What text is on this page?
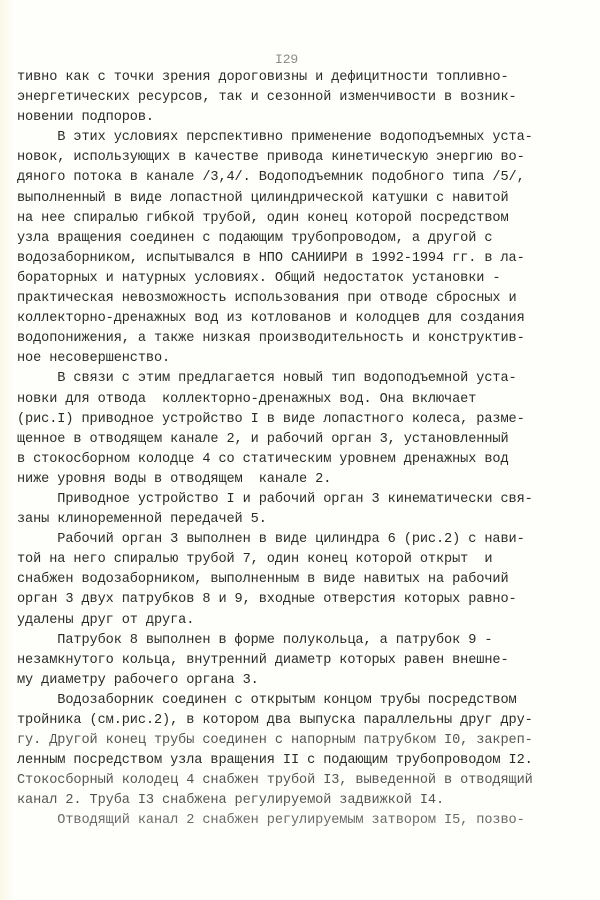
I29
тивно как с точки зрения дороговизны и дефицитности топливно-
энергетических ресурсов, так и сезонной изменчивости в возник-
новении подпоров.
В этих условиях перспективно применение водоподъемных уста-
новок, использующих в качестве привода кинетическую энергию во-
дяного потока в канале /3,4/. Водоподъемник подобного типа /5/,
выполненный в виде лопастной цилиндрической катушки с навитой
на нее спиралью гибкой трубой, один конец которой посредством
узла вращения соединен с подающим трубопроводом, а другой с
водозаборником, испытывался в НПО САНИИРИ в 1992-1994 гг. в ла-
бораторных и натурных условиях. Общий недостаток установки -
практическая невозможность использования при отводе сбросных и
коллекторно-дренажных вод из котлованов и колодцев для создания
водопонижения, а также низкая производительность и конструктив-
ное несовершенство.
В связи с этим предлагается новый тип водоподъемной уста-
новки для отвода  коллекторно-дренажных вод. Она включает
(рис.I) приводное устройство I в виде лопастного колеса, разме-
щенное в отводящем канале 2, и рабочий орган 3, установленный
в стокосборном колодце 4 со статическим уровнем дренажных вод
ниже уровня воды в отводящем  канале 2.
Приводное устройство I и рабочий орган 3 кинематически свя-
заны клиноременной передачей 5.
Рабочий орган 3 выполнен в виде цилиндра 6 (рис.2) с нави-
той на него спиралью трубой 7, один конец которой открыт  и
снабжен водозаборником, выполненным в виде навитых на рабочий
орган 3 двух патрубков 8 и 9, входные отверстия которых равно-
удалены друг от друга.
Патрубок 8 выполнен в форме полукольца, а патрубок 9 -
незамкнутого кольца, внутренний диаметр которых равен внешне-
му диаметру рабочего органа 3.
Водозаборник соединен с открытым концом трубы посредством
тройника (см.рис.2), в котором два выпуска параллельны друг дру-
гу. Другой конец трубы соединен с напорным патрубком I0, закреп-
ленным посредством узла вращения II с подающим трубопроводом I2.
Стокосборный колодец 4 снабжен трубой I3, выведенной в отводящий
канал 2. Труба I3 снабжена регулируемой задвижкой I4.
Отводящий канал 2 снабжен регулируемым затвором I5, позво-
